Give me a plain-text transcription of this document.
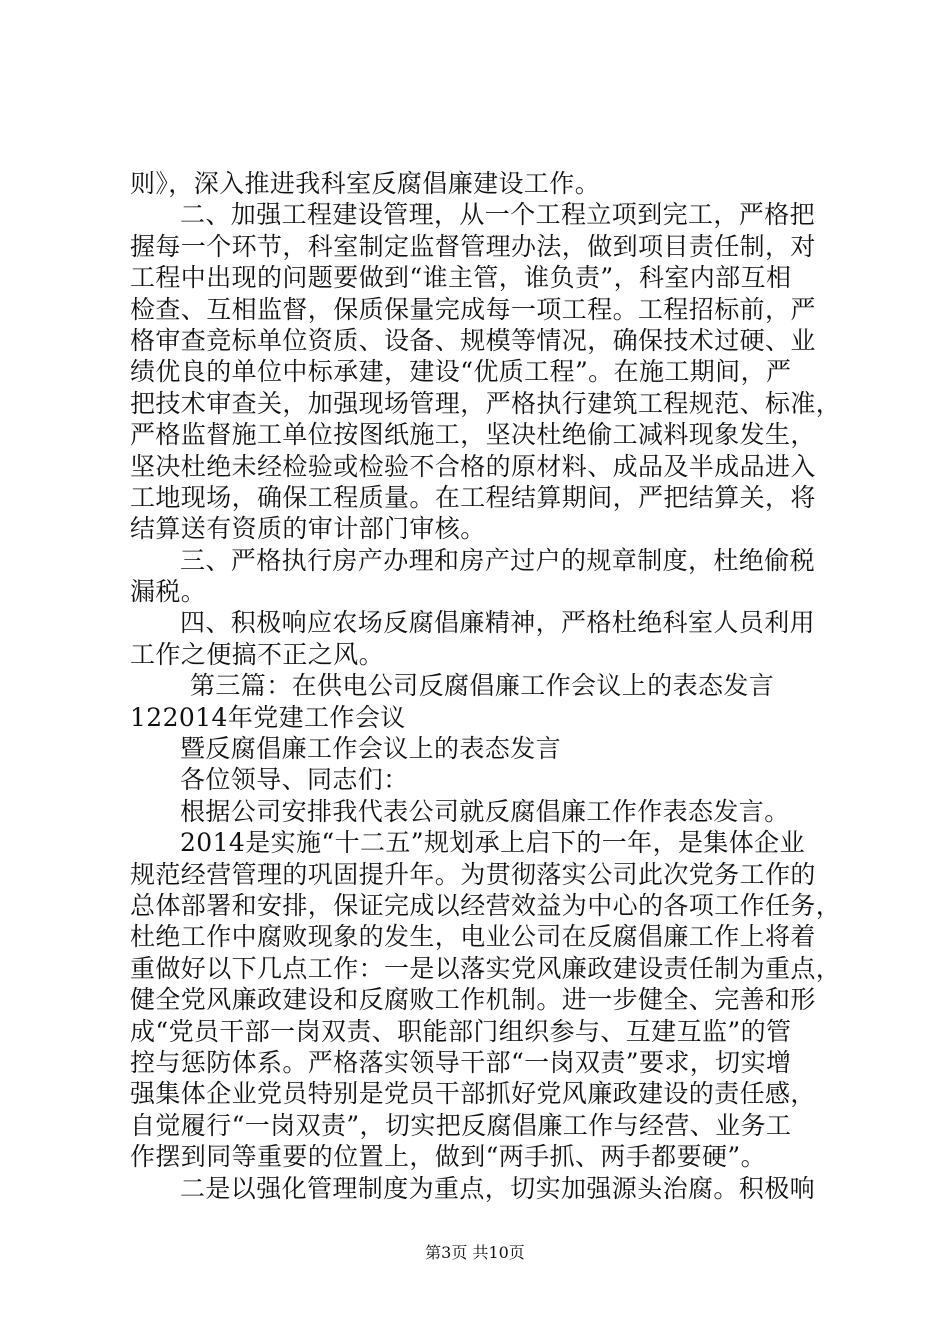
则》，深入推进我科室反腐倡廉建设工作。
二、加强工程建设管理，从一个工程立项到完工，严格把
握每一个环节，科室制定监督管理办法，做到项目责任制，对
工程中出现的问题要做到“谁主管，谁负责”，科室内部互相
检查、互相监督，保质保量完成每一项工程。工程招标前，严
格审查竞标单位资质、设备、规模等情况，确保技术过硬、业
绩优良的单位中标承建，建设“优质工程”。在施工期间，严
把技术审查关，加强现场管理，严格执行建筑工程规范、标准，
严格监督施工单位按图纸施工，坚决杜绝偷工减料现象发生，
坚决杜绝未经检验或检验不合格的原材料、成品及半成品进入
工地现场，确保工程质量。在工程结算期间，严把结算关，将
结算送有资质的审计部门审核。
三、严格执行房产办理和房产过户的规章制度，杜绝偷税
漏税。
四、积极响应农场反腐倡廉精神，严格杜绝科室人员利用
工作之便搞不正之风。
第三篇：在供电公司反腐倡廉工作会议上的表态发言
122014年党建工作会议
暨反腐倡廉工作会议上的表态发言
各位领导、同志们：
根据公司安排我代表公司就反腐倡廉工作作表态发言。
2014是实施“十二五”规划承上启下的一年，是集体企业
规范经营管理的巩固提升年。为贯彻落实公司此次党务工作的
总体部署和安排，保证完成以经营效益为中心的各项工作任务，
杜绝工作中腐败现象的发生，电业公司在反腐倡廉工作上将着
重做好以下几点工作：一是以落实党风廉政建设责任制为重点，
健全党风廉政建设和反腐败工作机制。进一步健全、完善和形
成“党员干部一岗双责、职能部门组织参与、互建互监”的管
控与惩防体系。严格落实领导干部“一岗双责”要求，切实增
强集体企业党员特别是党员干部抓好党风廉政建设的责任感，
自觉履行“一岗双责”，切实把反腐倡廉工作与经营、业务工
作摆到同等重要的位置上，做到“两手抓、两手都要硬”。
二是以强化管理制度为重点，切实加强源头治腐。积极响
第3页 共10页
